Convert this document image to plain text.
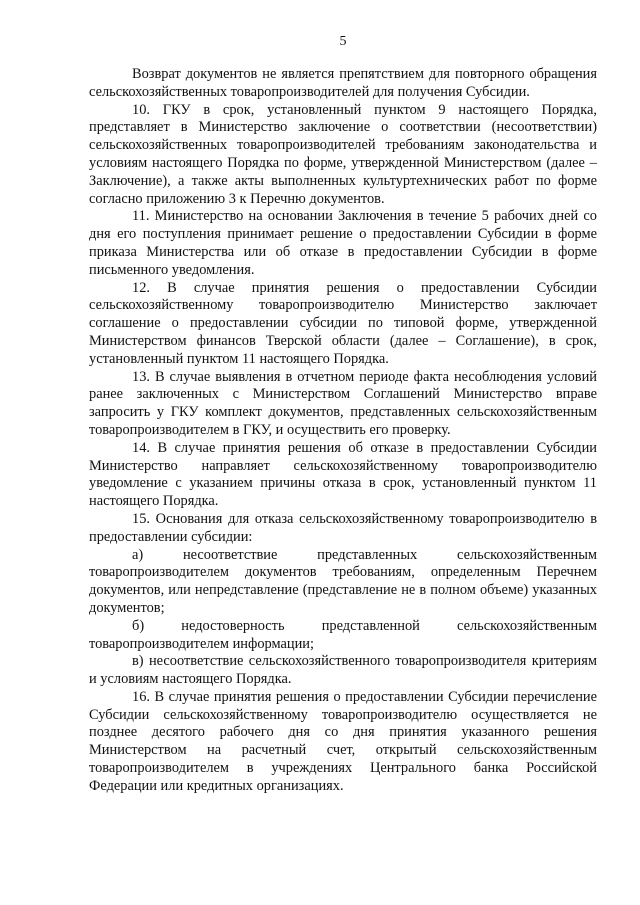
5

Возврат документов не является препятствием для повторного обращения сельскохозяйственных товаропроизводителей для получения Субсидии.

10. ГКУ в срок, установленный пунктом 9 настоящего Порядка, представляет в Министерство заключение о соответствии (несоответствии) сельскохозяйственных товаропроизводителей требованиям законодательства и условиям настоящего Порядка по форме, утвержденной Министерством (далее – Заключение), а также акты выполненных культуртехнических работ по форме согласно приложению 3 к Перечню документов.

11. Министерство на основании Заключения в течение 5 рабочих дней со дня его поступления принимает решение о предоставлении Субсидии в форме приказа Министерства или об отказе в предоставлении Субсидии в форме письменного уведомления.

12. В случае принятия решения о предоставлении Субсидии сельскохозяйственному товаропроизводителю Министерство заключает соглашение о предоставлении субсидии по типовой форме, утвержденной Министерством финансов Тверской области (далее – Соглашение), в срок, установленный пунктом 11 настоящего Порядка.

13. В случае выявления в отчетном периоде факта несоблюдения условий ранее заключенных с Министерством Соглашений Министерство вправе запросить у ГКУ комплект документов, представленных сельскохозяйственным товаропроизводителем в ГКУ, и осуществить его проверку.

14. В случае принятия решения об отказе в предоставлении Субсидии Министерство направляет сельскохозяйственному товаропроизводителю уведомление с указанием причины отказа в срок, установленный пунктом 11 настоящего Порядка.

15. Основания для отказа сельскохозяйственному товаропроизводителю в предоставлении субсидии:

а) несоответствие представленных сельскохозяйственным товаропроизводителем документов требованиям, определенным Перечнем документов, или непредставление (представление не в полном объеме) указанных документов;

б) недостоверность представленной сельскохозяйственным товаропроизводителем информации;

в) несоответствие сельскохозяйственного товаропроизводителя критериям и условиям настоящего Порядка.

16. В случае принятия решения о предоставлении Субсидии перечисление Субсидии сельскохозяйственному товаропроизводителю осуществляется не позднее десятого рабочего дня со дня принятия указанного решения Министерством на расчетный счет, открытый сельскохозяйственным товаропроизводителем в учреждениях Центрального банка Российской Федерации или кредитных организациях.
